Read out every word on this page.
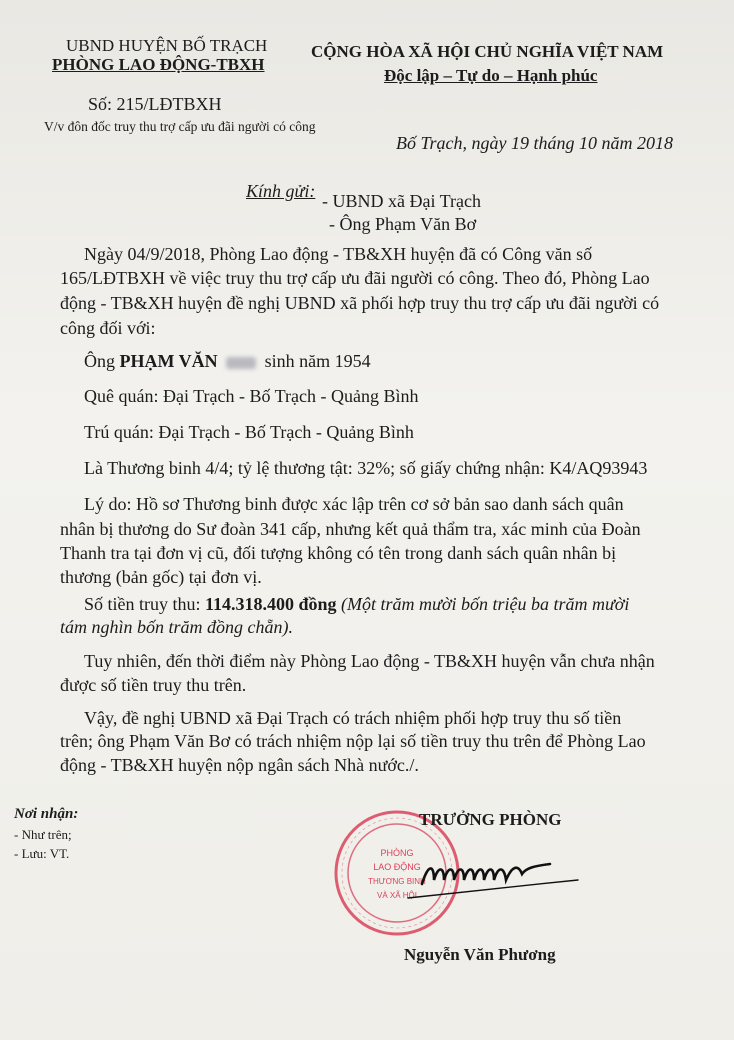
UBND HUYỆN BỐ TRẠCH
PHÒNG LAO ĐỘNG-TBXH
Số: 215/LĐTBXH
V/v đôn đốc truy thu trợ cấp ưu đãi người có công
CỘNG HÒA XÃ HỘI CHỦ NGHĨA VIỆT NAM
Độc lập – Tự do – Hạnh phúc
Bố Trạch, ngày 19 tháng 10 năm 2018
Kính gửi: - UBND xã Đại Trạch
- Ông Phạm Văn Bơ

Ngày 04/9/2018, Phòng Lao động - TB&XH huyện đã có Công văn số

165/LĐTBXH về việc truy thu trợ cấp ưu đãi người có công. Theo đó, Phòng Lao

động - TB&XH huyện đề nghị UBND xã phối hợp truy thu trợ cấp ưu đãi người có

công đối với:

Ông PHẠM VĂN	sinh năm 1954

Quê quán: Đại Trạch - Bố Trạch - Quảng Bình

Trú quán: Đại Trạch - Bố Trạch - Quảng Bình

Là Thương binh 4/4; tỷ lệ thương tật: 32%; số giấy chứng nhận: K4/AQ93943

Lý do: Hồ sơ Thương binh được xác lập trên cơ sở bản sao danh sách quân

nhân bị thương do Sư đoàn 341 cấp, nhưng kết quả thẩm tra, xác minh của Đoàn

Thanh tra tại đơn vị cũ, đối tượng không có tên trong danh sách quân nhân bị

thương (bản gốc) tại đơn vị.

Số tiền truy thu: 114.318.400 đồng (Một trăm mười bốn triệu ba trăm mười

tám nghìn bốn trăm đồng chẵn).

Tuy nhiên, đến thời điểm này Phòng Lao động - TB&XH huyện vẫn chưa nhận

được số tiền truy thu trên.

Vậy, đề nghị UBND xã Đại Trạch có trách nhiệm phối hợp truy thu số tiền

trên; ông Phạm Văn Bơ có trách nhiệm nộp lại số tiền truy thu trên để Phòng Lao

động - TB&XH huyện nộp ngân sách Nhà nước./.

Nơi nhận:
- Như trên;
- Lưu: VT.	PHÒNG
LAO ĐỘNG
THƯƠNG BINH
VÀ XÃ HỘI
TRƯỞNG PHÒNG
Nguyễn Văn Phương
